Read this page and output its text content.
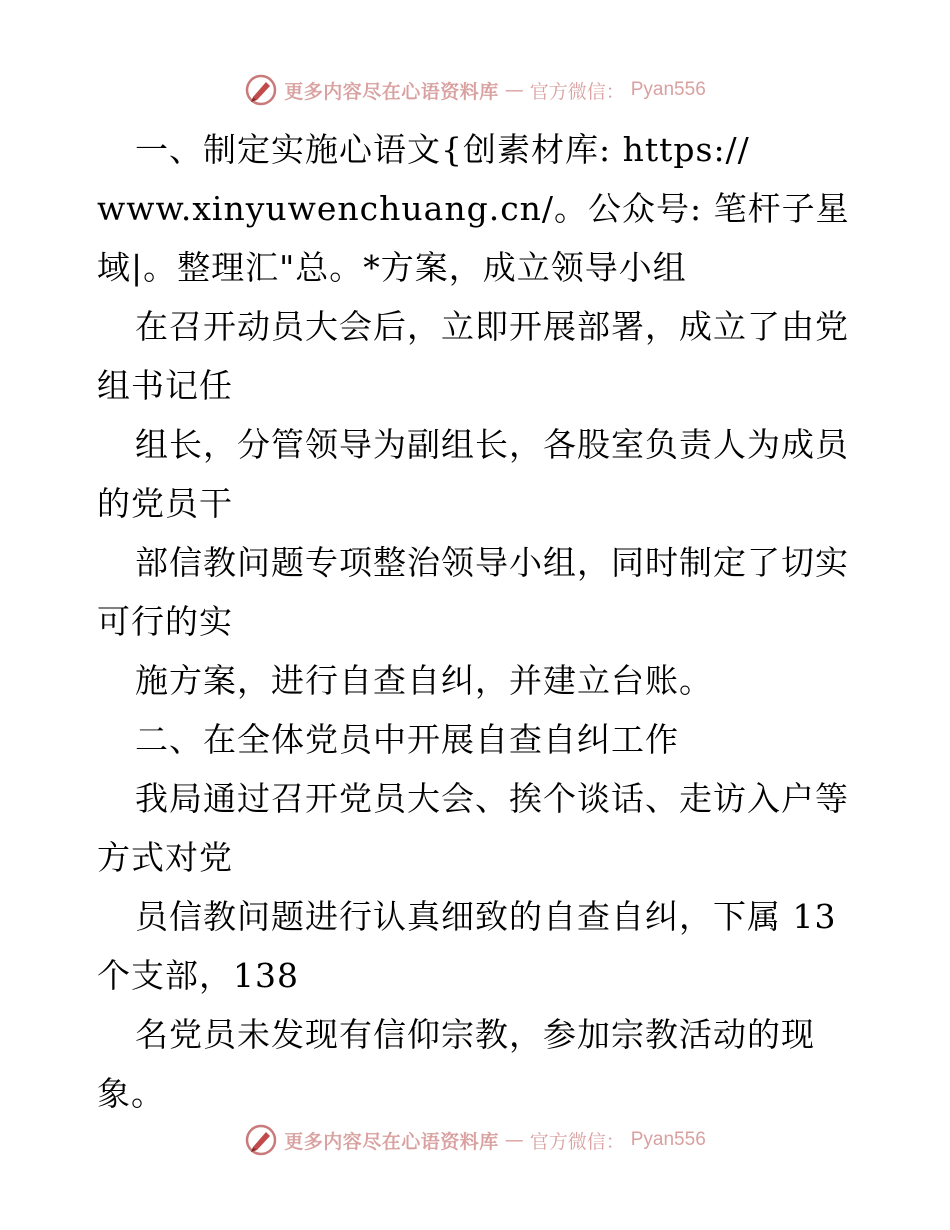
更多内容尽在心语资料库 — 官方微信： Pyan556
一、制定实施心语文{创素材库: https://
www.xinyuwenchuang.cn/。公众号: 笔杆子星
域|。整理汇"总。*方案，成立领导小组
在召开动员大会后，立即开展部署，成立了由党
组书记任
组长，分管领导为副组长，各股室负责人为成员
的党员干
部信教问题专项整治领导小组，同时制定了切实
可行的实
施方案，进行自查自纠，并建立台账。
二、在全体党员中开展自查自纠工作
我局通过召开党员大会、挨个谈话、走访入户等
方式对党
员信教问题进行认真细致的自查自纠，下属 13
个支部，138
名党员未发现有信仰宗教，参加宗教活动的现
象。
更多内容尽在心语资料库 — 官方微信： Pyan556
